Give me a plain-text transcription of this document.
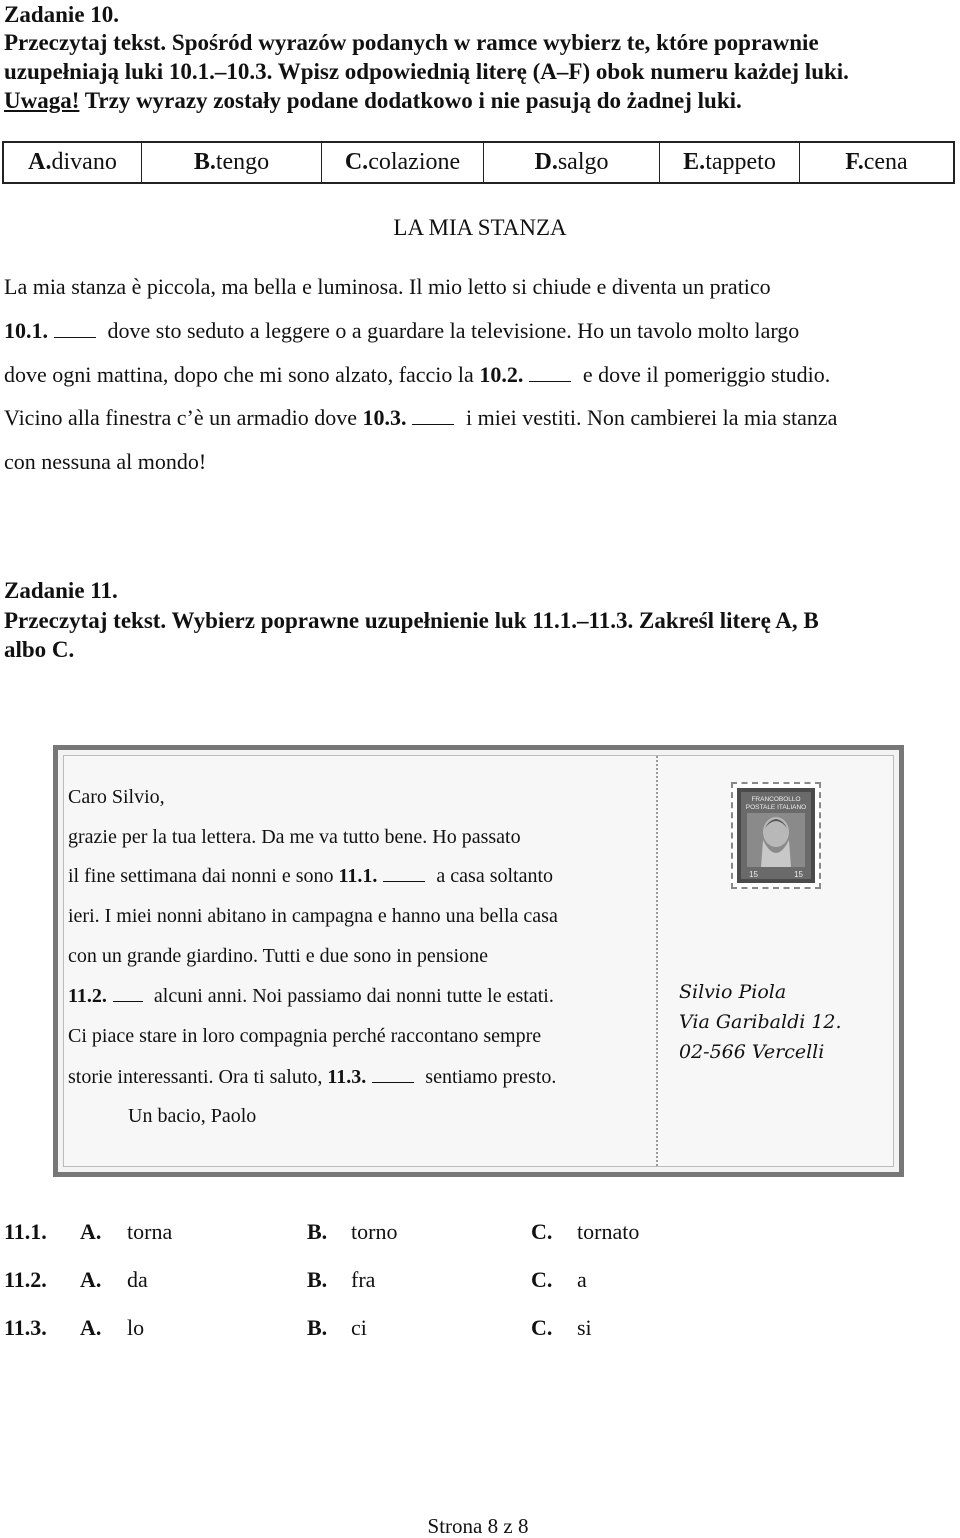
Zadanie 10.
Przeczytaj tekst. Spośród wyrazów podanych w ramce wybierz te, które poprawnie
uzupełniają luki 10.1.–10.3. Wpisz odpowiednią literę (A–F) obok numeru każdej luki.
Uwaga! Trzy wyrazy zostały podane dodatkowo i nie pasują do żadnej luki.
A. divano	B. tengo	C. colazione	D. salgo	E. tappeto	F. cena
LA MIA STANZA
La mia stanza è piccola, ma bella e luminosa. Il mio letto si chiude e diventa un pratico
10.1.	dove sto seduto a leggere o a guardare la televisione. Ho un tavolo molto largo
dove ogni mattina, dopo che mi sono alzato, faccio la 10.2.	e dove il pomeriggio studio.
Vicino alla finestra c’è un armadio dove 10.3.	i miei vestiti. Non cambierei la mia stanza
con nessuna al mondo!
Zadanie 11.
Przeczytaj tekst. Wybierz poprawne uzupełnienie luk 11.1.–11.3. Zakreśl literę A, B
albo C.
Caro Silvio,
grazie per la tua lettera. Da me va tutto bene. Ho passato
il fine settimana dai nonni e sono 11.1.	a casa soltanto
ieri. I miei nonni abitano in campagna e hanno una bella casa
con un grande giardino. Tutti e due sono in pensione
11.2. alcuni anni. Noi passiamo dai nonni tutte le estati.
Ci piace stare in loro compagnia perché raccontano sempre
storie interessanti. Ora ti saluto, 11.3.	sentiamo presto.
Un bacio, Paolo
FRANCOBOLLO
POSTALE ITALIANO
15	15
Silvio Piola
Via Garibaldi 12.
02-566 Vercelli
11.1. A. torna	B. torno	C. tornato
11.2. A. da	B. fra	C. a
11.3. A. lo	B. ci	C. si
Strona 8 z 8
